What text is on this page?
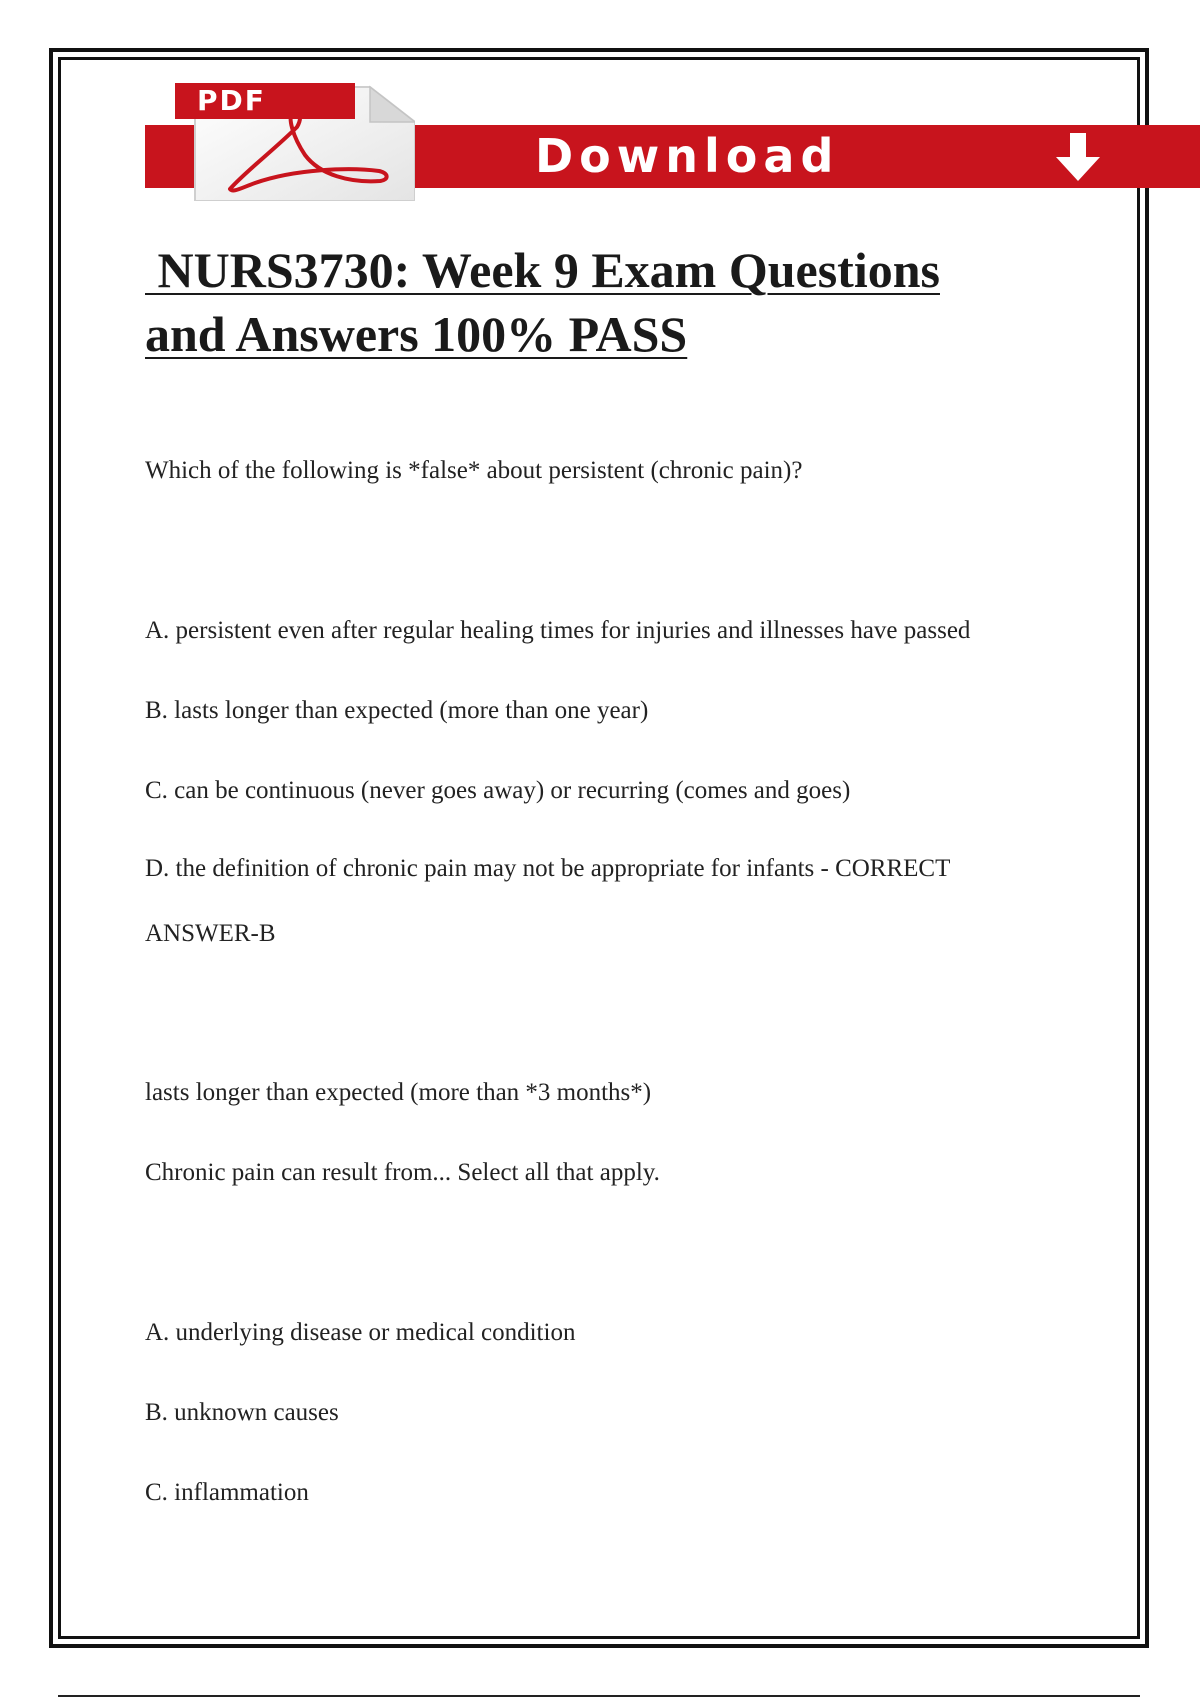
PDF
Download
NURS3730: Week 9 Exam Questions
and Answers 100% PASS

Which of the following is *false* about persistent (chronic pain)?

A. persistent even after regular healing times for injuries and illnesses have passed

B. lasts longer than expected (more than one year)

C. can be continuous (never goes away) or recurring (comes and goes)

D. the definition of chronic pain may not be appropriate for infants - CORRECT

ANSWER-B

lasts longer than expected (more than *3 months*)

Chronic pain can result from... Select all that apply.

A. underlying disease or medical condition

B. unknown causes

C. inflammation
